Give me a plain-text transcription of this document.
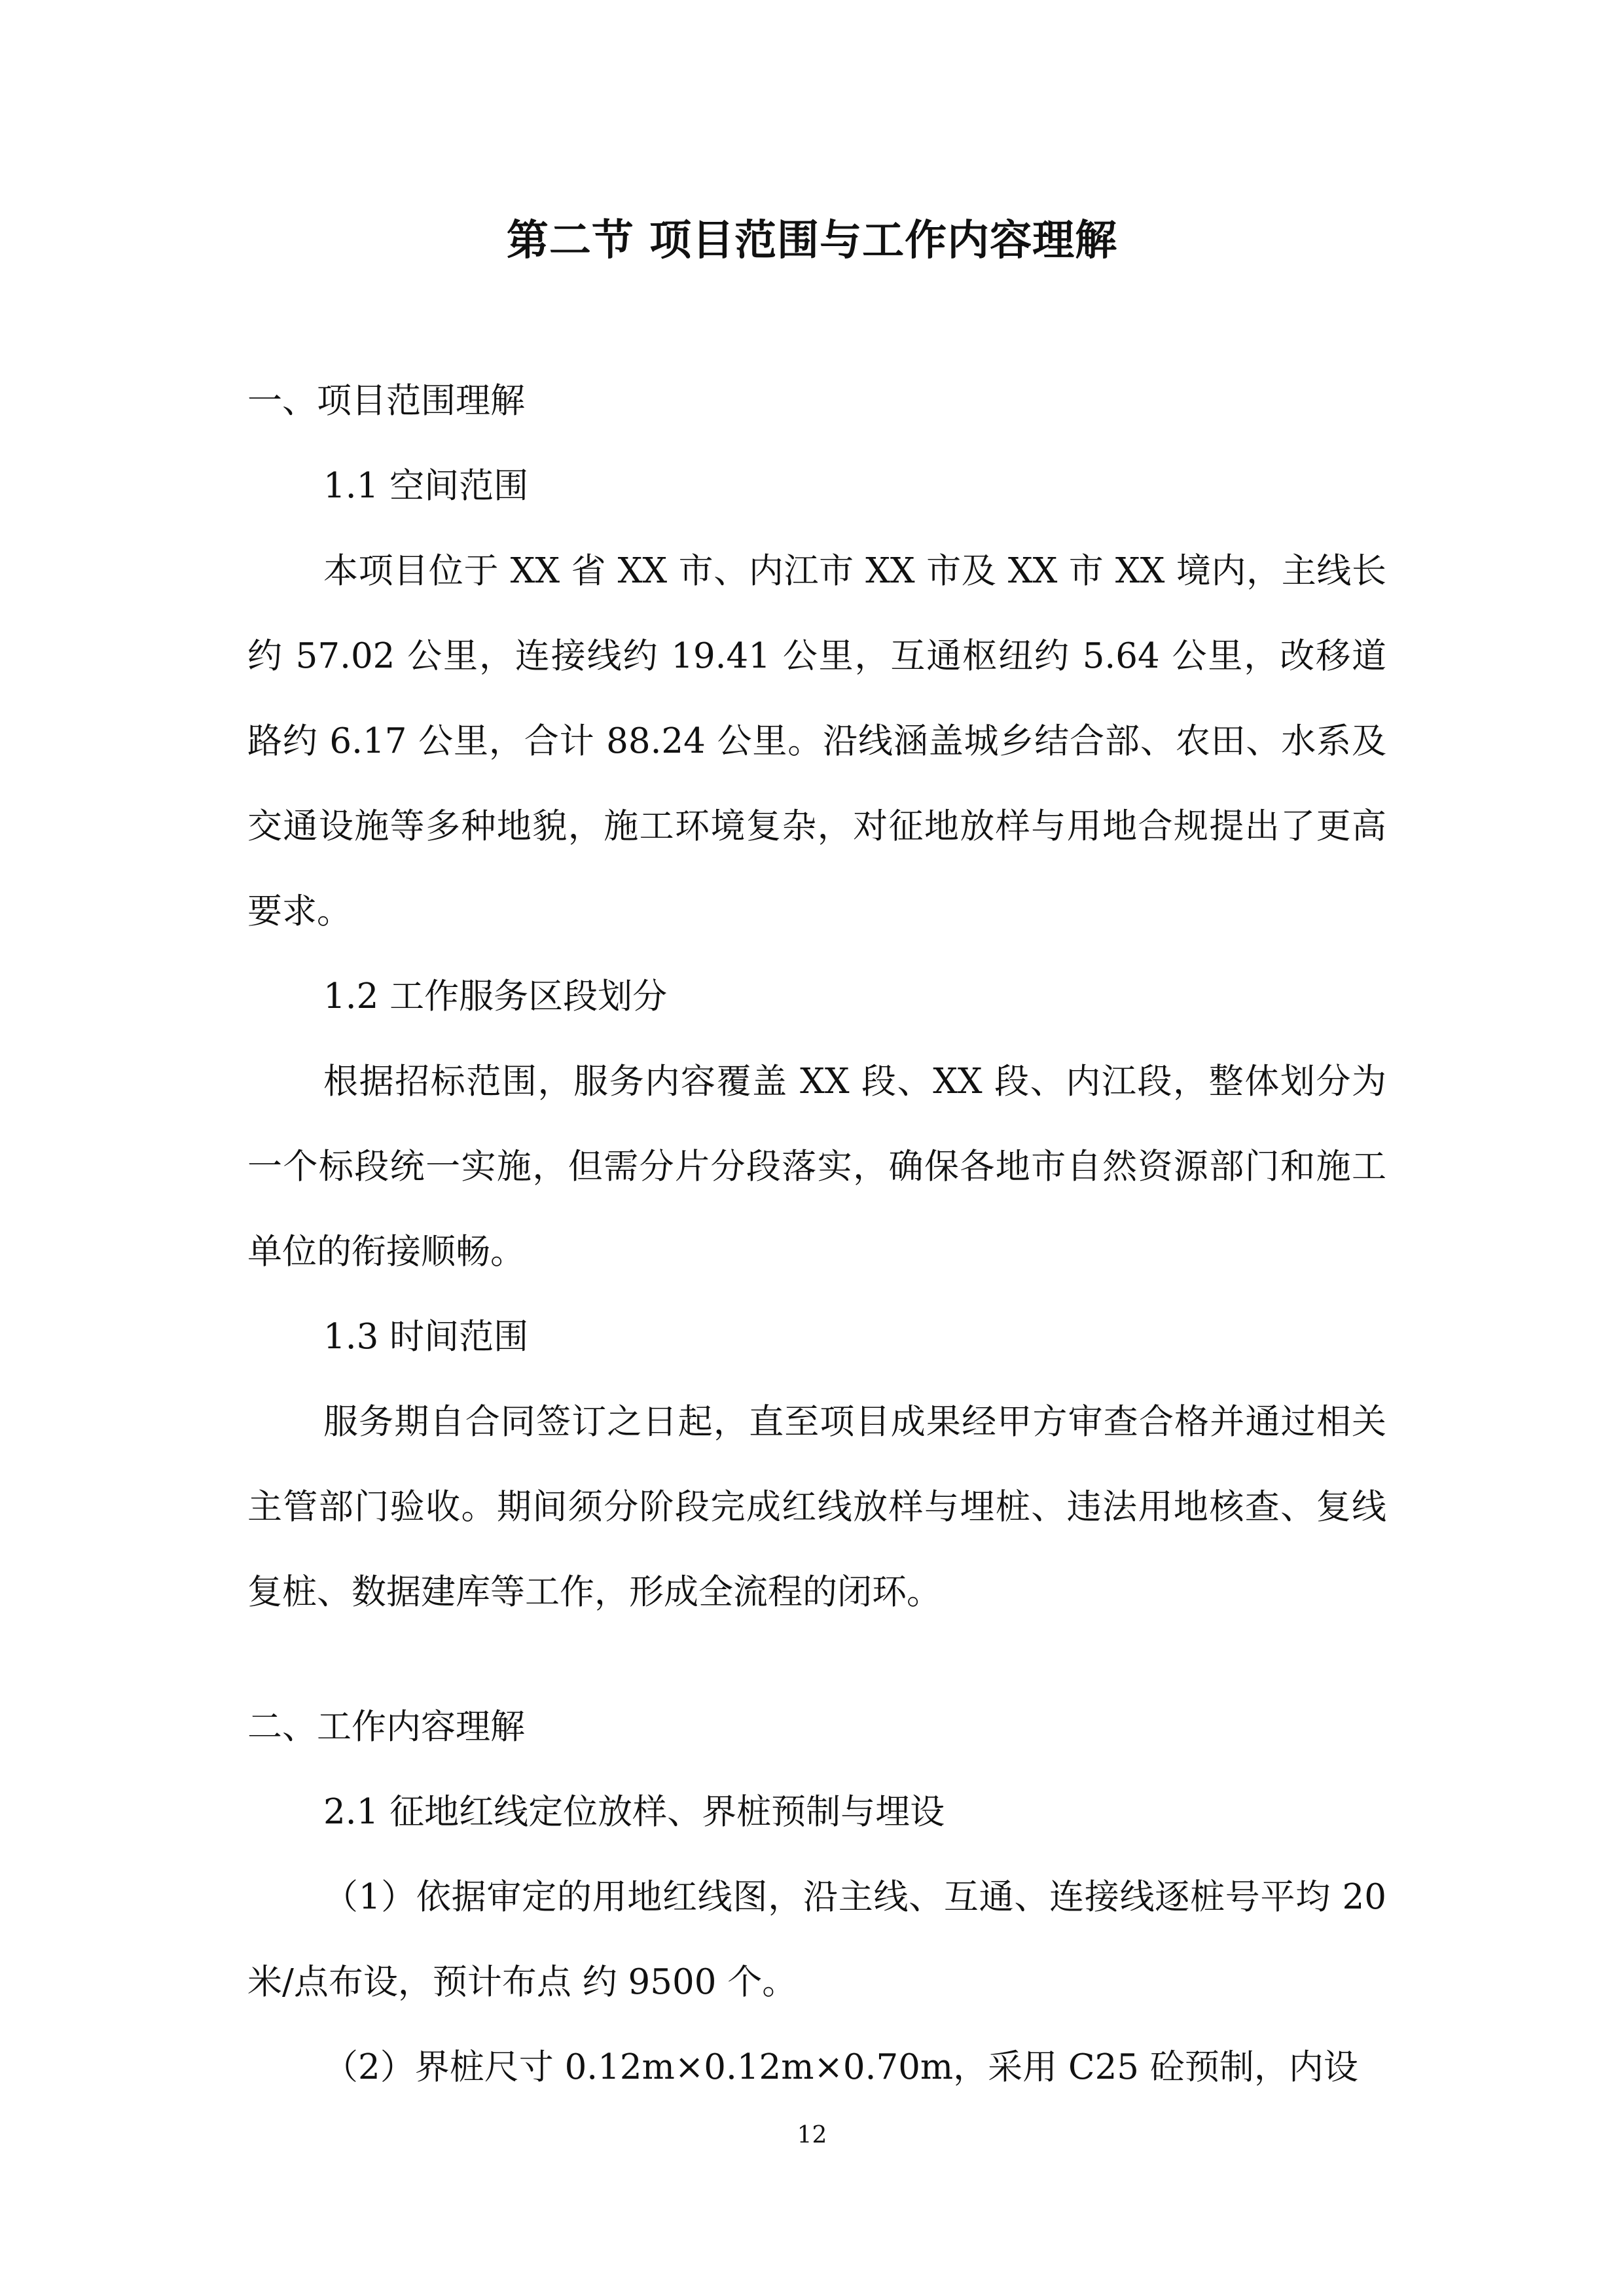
第二节 项目范围与工作内容理解

一、项目范围理解

1.1 空间范围

本项目位于 XX 省 XX 市、内江市 XX 市及 XX 市 XX 境内，主线长约 57.02 公里，连接线约 19.41 公里，互通枢纽约 5.64 公里，改移道路约 6.17 公里，合计 88.24 公里。沿线涵盖城乡结合部、农田、水系及交通设施等多种地貌，施工环境复杂，对征地放样与用地合规提出了更高要求。

1.2 工作服务区段划分

根据招标范围，服务内容覆盖 XX 段、XX 段、内江段，整体划分为一个标段统一实施，但需分片分段落实，确保各地市自然资源部门和施工单位的衔接顺畅。

1.3 时间范围

服务期自合同签订之日起，直至项目成果经甲方审查合格并通过相关主管部门验收。期间须分阶段完成红线放样与埋桩、违法用地核查、复线复桩、数据建库等工作，形成全流程的闭环。

二、工作内容理解

2.1 征地红线定位放样、界桩预制与埋设

（1）依据审定的用地红线图，沿主线、互通、连接线逐桩号平均 20 米/点布设，预计布点 约 9500 个。

（2）界桩尺寸 0.12m×0.12m×0.70m，采用 C25 砼预制，内设

12
